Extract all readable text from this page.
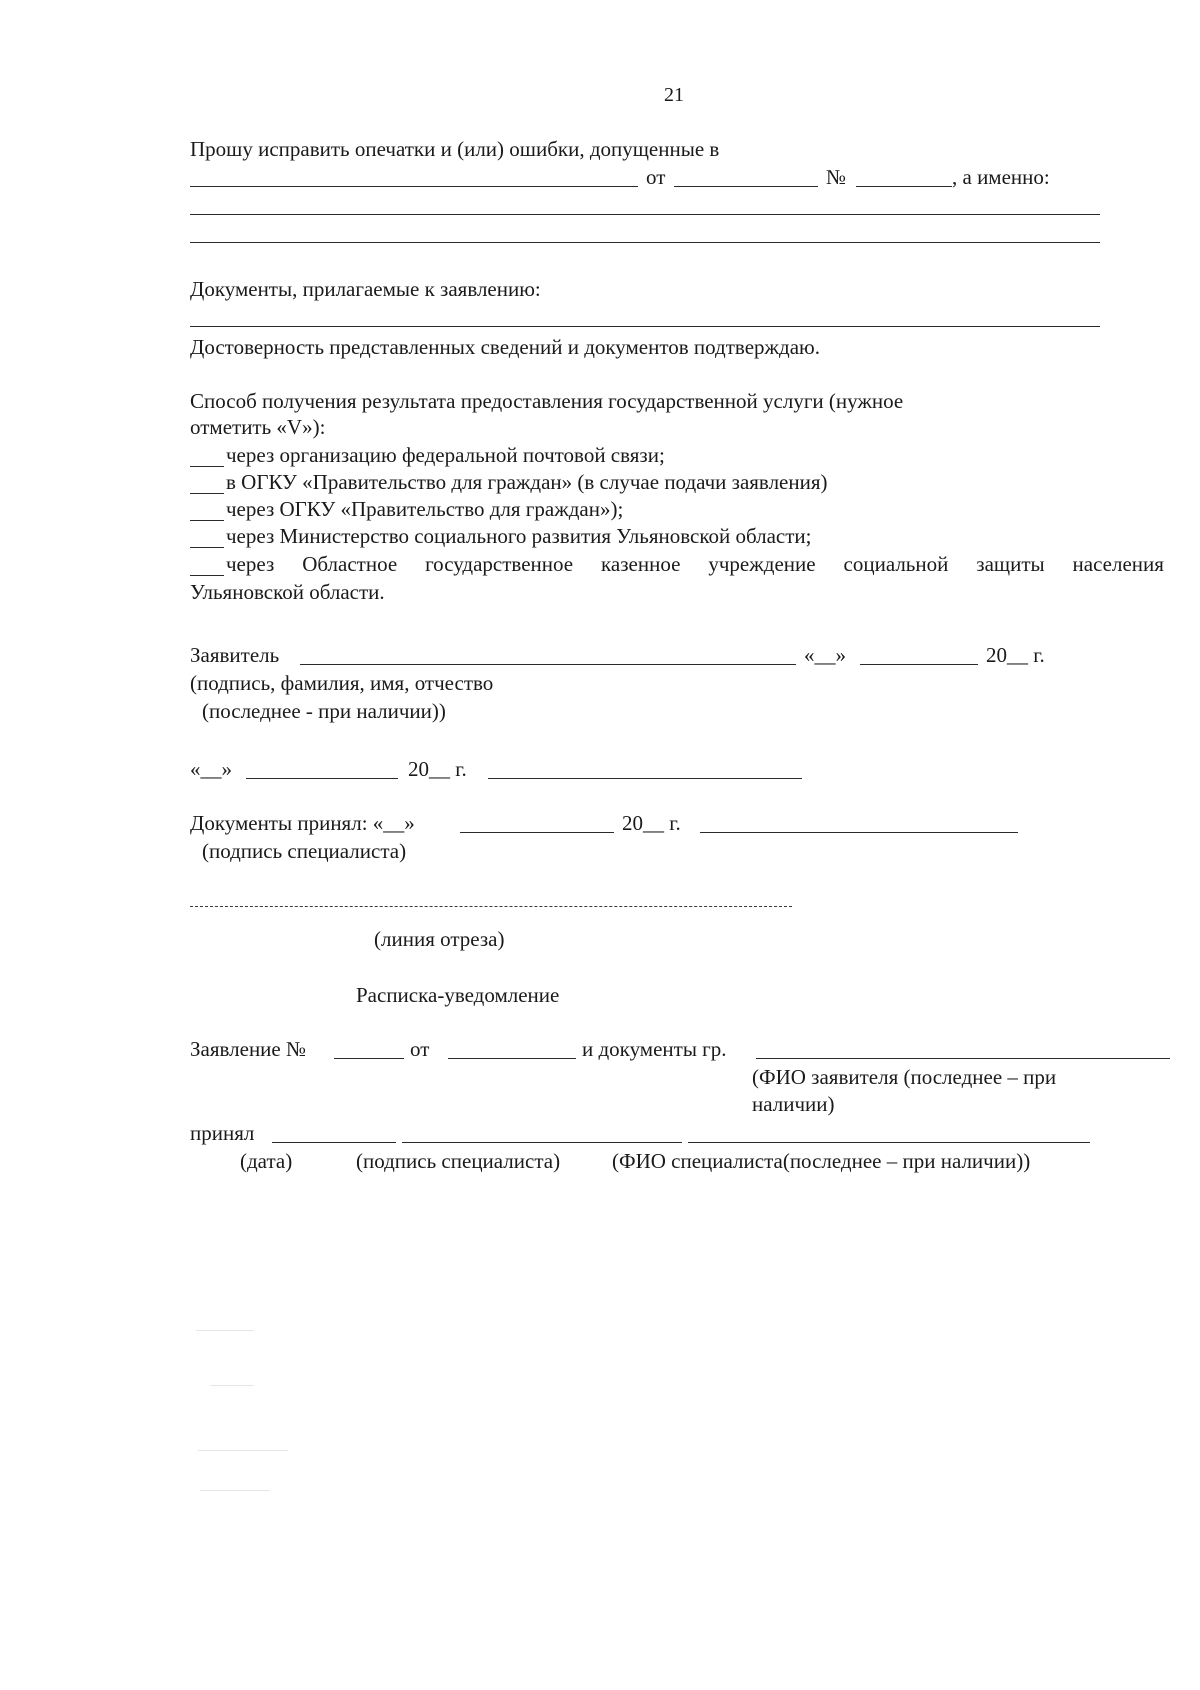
21
Прошу исправить опечатки и (или) ошибки, допущенные в
от	№	, а именно:
Документы, прилагаемые к заявлению:
Достоверность представленных сведений и документов подтверждаю.
Способ получения результата предоставления государственной услуги (нужное
отметить «V»):
через организацию федеральной почтовой связи;
в ОГКУ «Правительство для граждан» (в случае подачи заявления)
через ОГКУ «Правительство для граждан»);
через Министерство социального развития Ульяновской области;
через Областное государственное казенное учреждение социальной защиты населения
Ульяновской области.
Заявитель	«__»	20__ г.
(подпись, фамилия, имя, отчество
(последнее - при наличии))
«__»	20__ г.
Документы принял: «__»	20__ г.
(подпись специалиста)
(линия отреза)
Расписка-уведомление
Заявление №	от	и документы гр.
(ФИО заявителя (последнее – при
наличии)
принял
(дата)	(подпись специалиста) (ФИО специалиста(последнее – при наличии))
